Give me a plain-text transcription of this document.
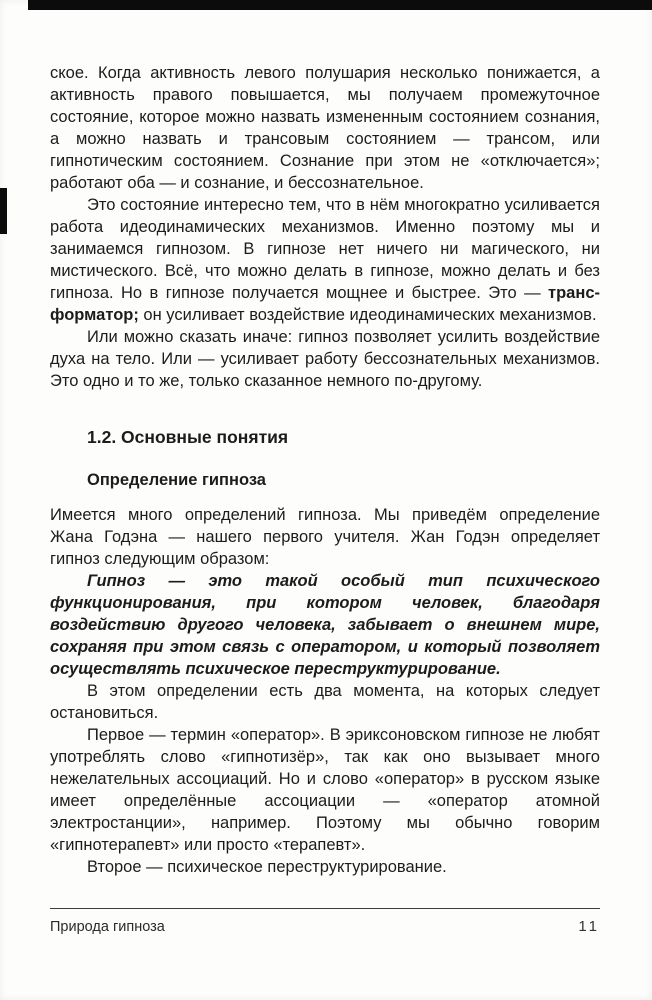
ское. Когда активность левого полушария несколько понижается, а активность правого повышается, мы получаем промежуточное состояние, которое можно назвать измененным состоянием сознания, а можно назвать и трансовым состоянием — трансом, или гипнотическим состоянием. Сознание при этом не «отключается»; работают оба — и сознание, и бессознательное.

Это состояние интересно тем, что в нём многократно усиливается работа идеодинамических механизмов. Именно поэтому мы и занимаемся гипнозом. В гипнозе нет ничего ни магического, ни мистического. Всё, что можно делать в гипнозе, можно делать и без гипноза. Но в гипнозе получается мощнее и быстрее. Это — транс-форматор; он усиливает воздействие идеодинамических механизмов.

Или можно сказать иначе: гипноз позволяет усилить воздействие духа на тело. Или — усиливает работу бессознательных механизмов. Это одно и то же, только сказанное немного по-другому.

1.2. Основные понятия
Определение гипноза

Имеется много определений гипноза. Мы приведём определение Жана Годэна — нашего первого учителя. Жан Годэн определяет гипноз следующим образом:

Гипноз — это такой особый тип психического функционирования, при котором человек, благодаря воздействию другого человека, забывает о внешнем мире, сохраняя при этом связь с оператором, и который позволяет осуществлять психическое переструктурирование.

В этом определении есть два момента, на которых следует остановиться.

Первое — термин «оператор». В эриксоновском гипнозе не любят употреблять слово «гипнотизёр», так как оно вызывает много нежелательных ассоциаций. Но и слово «оператор» в русском языке имеет определённые ассоциации — «оператор атомной электростанции», например. Поэтому мы обычно говорим «гипнотерапевт» или просто «терапевт».

Второе — психическое переструктурирование.

Природа гипноза	11
